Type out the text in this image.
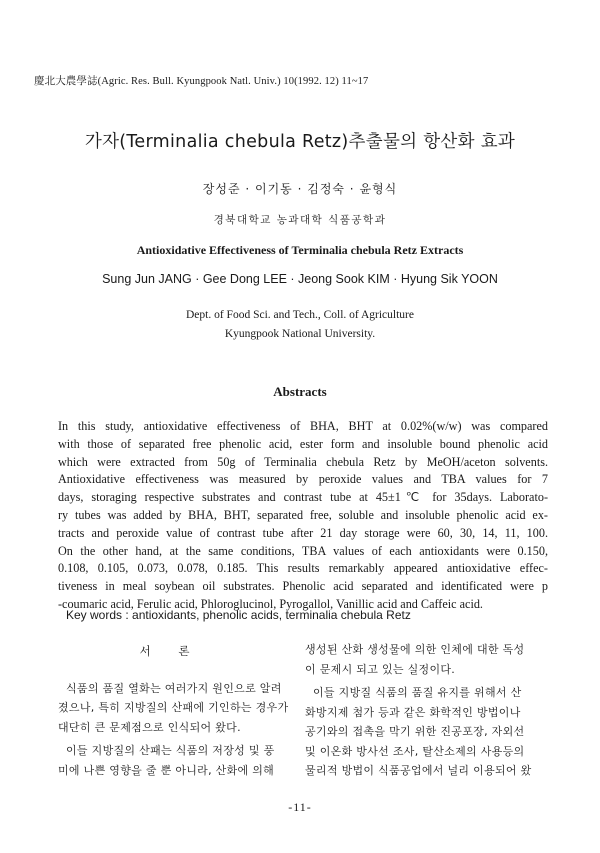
慶北大農學誌(Agric. Res. Bull. Kyungpook Natl. Univ.) 10(1992. 12) 11~17
가자(Terminalia chebula Retz)추출물의 항산화 효과
장성준 · 이기동 · 김정숙 · 윤형식
경북대학교 농과대학 식품공학과
Antioxidative Effectiveness of Terminalia chebula Retz Extracts
Sung Jun JANG · Gee Dong LEE · Jeong Sook KIM · Hyung Sik YOON
Dept. of Food Sci. and Tech., Coll. of Agriculture
Kyungpook National University.
Abstracts
In this study, antioxidative effectiveness of BHA, BHT at 0.02%(w/w) was compared
with those of separated free phenolic acid, ester form and insoluble bound phenolic acid
which were extracted from 50g of Terminalia chebula Retz by MeOH/aceton solvents.
Antioxidative effectiveness was measured by peroxide values and TBA values for 7
days, storaging respective substrates and contrast tube at 45±1℃ for 35days. Laborato-
ry tubes was added by BHA, BHT, separated free, soluble and insoluble phenolic acid ex-
tracts and peroxide value of contrast tube after 21 day storage were 60, 30, 14, 11, 100.
On the other hand, at the same conditions, TBA values of each antioxidants were 0.150,
0.108, 0.105, 0.073, 0.078, 0.185. This results remarkably appeared antioxidative effec-
tiveness in meal soybean oil substrates. Phenolic acid separated and identificated were p
-coumaric acid, Ferulic acid, Phloroglucinol, Pyrogallol, Vanillic acid and Caffeic acid.
Key words : antioxidants, phenolic acids, terminalia chebula Retz
서 론

식품의 품질 열화는 여러가지 원인으로 알려
졌으나, 특히 지방질의 산패에 기인하는 경우가
대단히 큰 문제점으로 인식되어 왔다.

이들 지방질의 산패는 식품의 저장성 및 풍
미에 나쁜 영향을 줄 뿐 아니라, 산화에 의해

생성된 산화 생성물에 의한 인체에 대한 독성
이 문제시 되고 있는 실정이다.

이들 지방질 식품의 품질 유지를 위해서 산
화방지제 첨가 등과 같은 화학적인 방법이나
공기와의 접촉을 막기 위한 진공포장, 자외선
및 이온화 방사선 조사, 탈산소제의 사용등의
물리적 방법이 식품공업에서 널리 이용되어 왔

-11-
